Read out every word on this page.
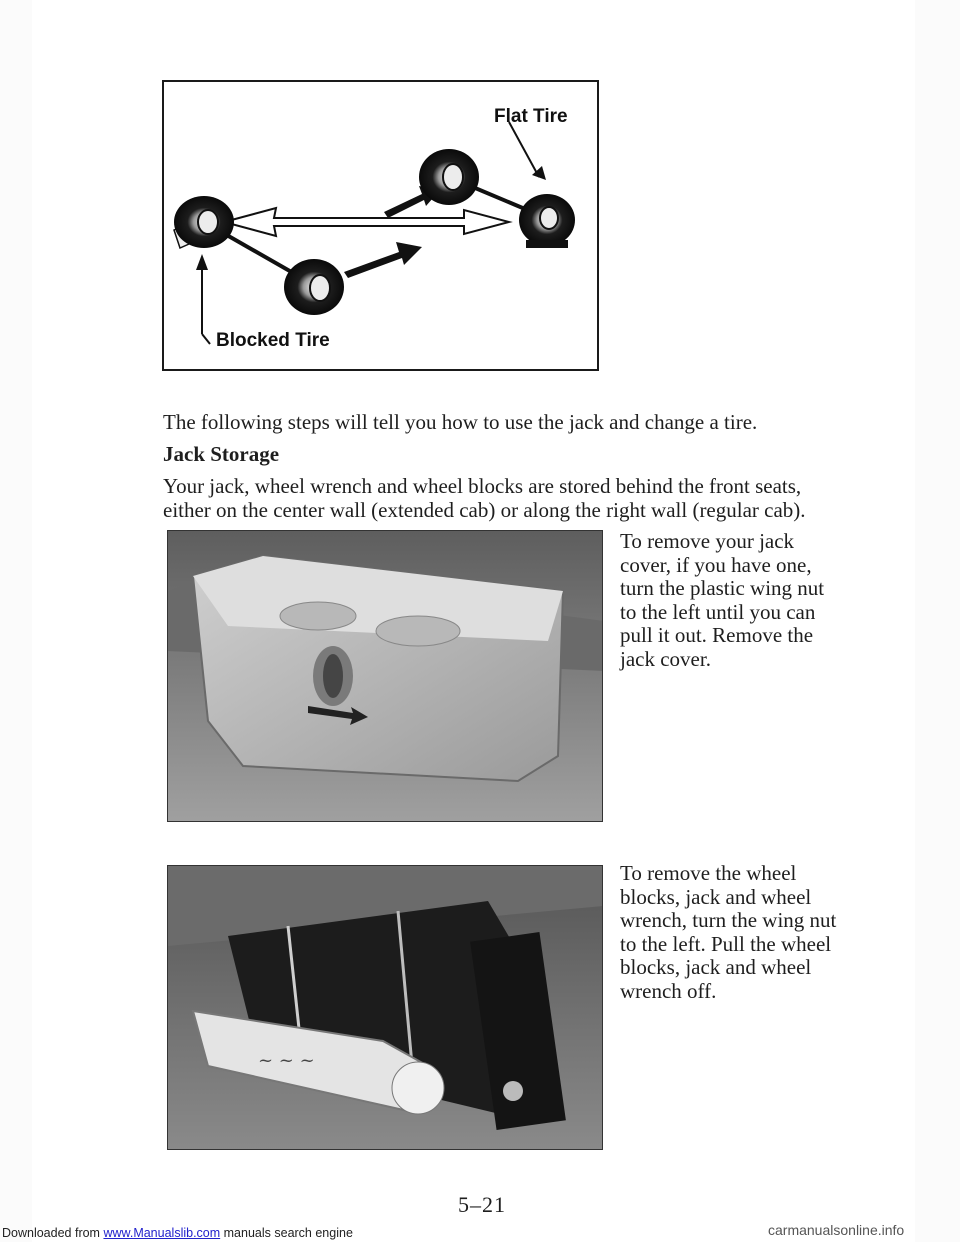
Flat Tire
Blocked Tire
The following steps will tell you how to use the jack and change a tire.
Jack Storage
Your jack, wheel wrench and wheel blocks are stored behind the front seats, either on the center wall (extended cab) or along the right wall (regular cab).
To remove your jack cover, if you have one, turn the plastic wing nut to the left until you can pull it out. Remove the jack cover.
~ ~ ~
To remove the wheel blocks, jack and wheel wrench, turn the wing nut to the left. Pull the wheel blocks, jack and wheel wrench off.
5–21
Downloaded from www.Manualslib.com manuals search engine	carmanualsonline.info
